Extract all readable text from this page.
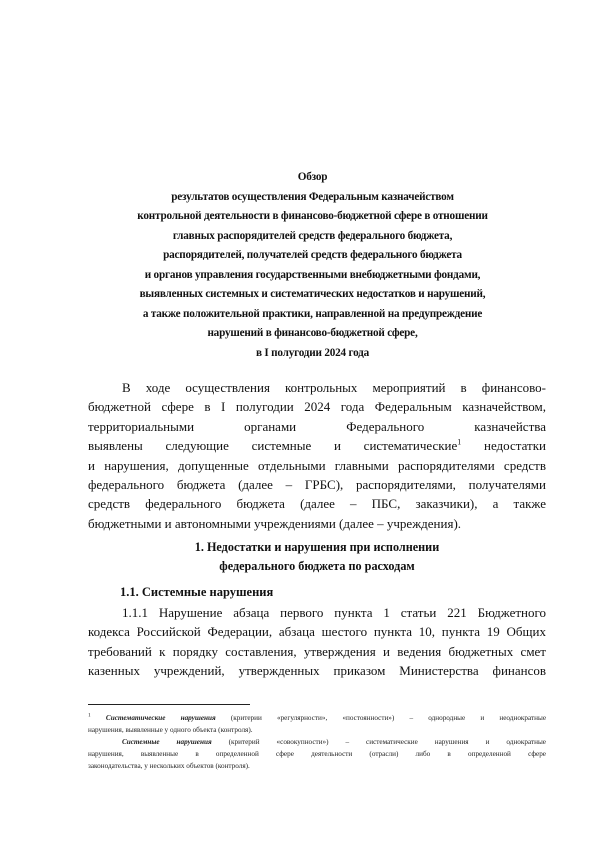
Обзор
результатов осуществления Федеральным казначейством
контрольной деятельности в финансово-бюджетной сфере в отношении
главных распорядителей средств федерального бюджета,
распорядителей, получателей средств федерального бюджета
и органов управления государственными внебюджетными фондами,
выявленных системных и систематических недостатков и нарушений,
а также положительной практики, направленной на предупреждение
нарушений в финансово-бюджетной сфере,
в I полугодии 2024 года
В ходе осуществления контрольных мероприятий в финансово-
бюджетной сфере в I полугодии 2024 года Федеральным казначейством,
территориальными органами Федерального казначейства
выявлены следующие системные и систематические$^1$ недостатки
и нарушения, допущенные отдельными главными распорядителями средств
федерального бюджета (далее – ГРБС), распорядителями, получателями
средств федерального бюджета (далее – ПБС, заказчики), а также
бюджетными и автономными учреждениями (далее – учреждения).
1. Недостатки и нарушения при исполнении
федерального бюджета по расходам
1.1. Системные нарушения
1.1.1 Нарушение абзаца первого пункта 1 статьи 221 Бюджетного
кодекса Российской Федерации, абзаца шестого пункта 10, пункта 19 Общих
требований к порядку составления, утверждения и ведения бюджетных смет
казенных учреждений, утвержденных приказом Министерства финансов
$^1$ Систематические нарушения (критерии «регулярности», «постоянности») – однородные и неоднократные
нарушения, выявленные у одного объекта (контроля).
Системные нарушения (критерий «совокупности») – систематические нарушения и однократные
нарушения, выявленные в определенной сфере деятельности (отрасли) либо в определенной сфере
законодательства, у нескольких объектов (контроля).
